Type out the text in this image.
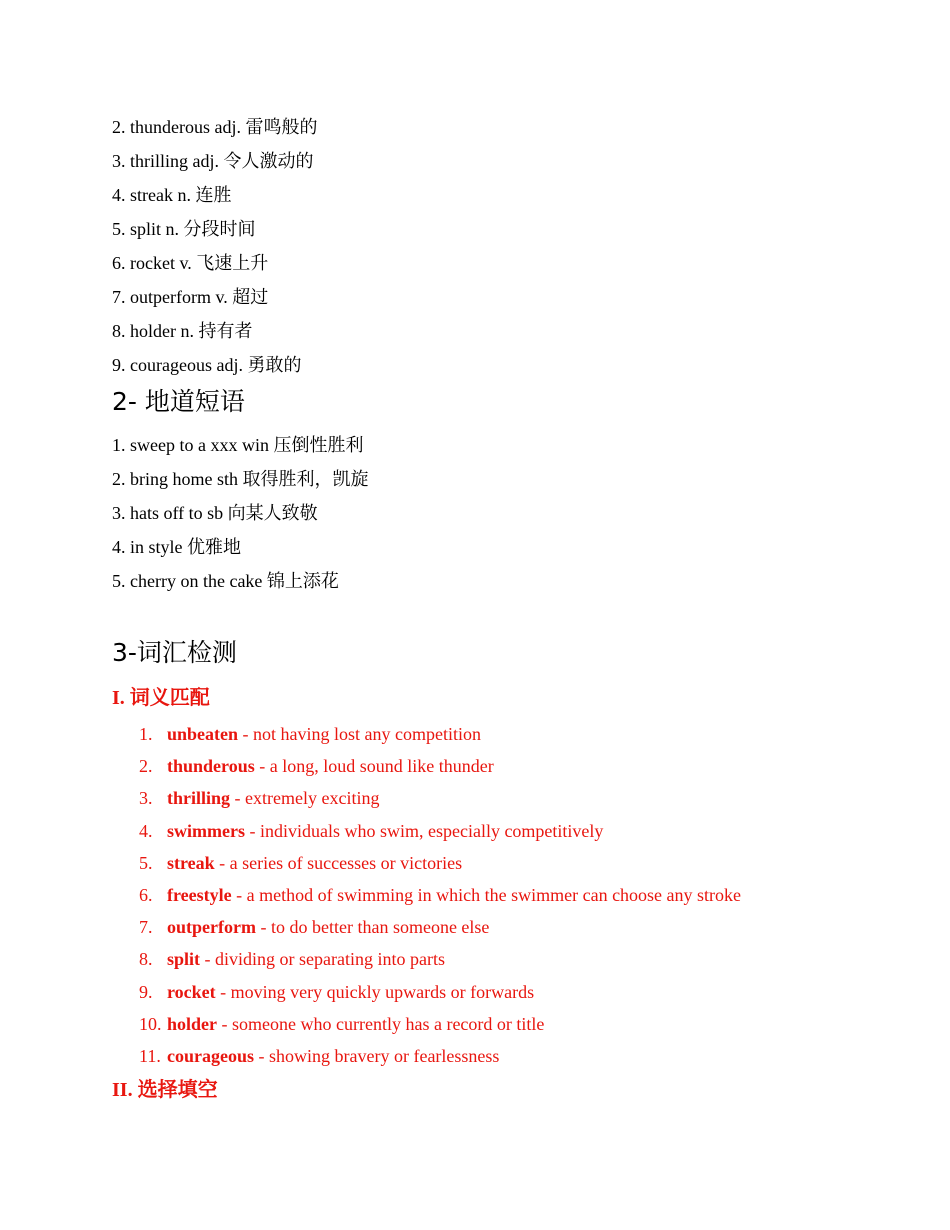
2. thunderous adj. 雷鸣般的
3. thrilling adj. 令人激动的
4. streak n. 连胜
5. split n. 分段时间
6. rocket v. 飞速上升
7. outperform v. 超过
8. holder n. 持有者
9. courageous adj. 勇敢的
2- 地道短语
1. sweep to a xxx win 压倒性胜利
2. bring home sth 取得胜利，凯旋
3. hats off to sb 向某人致敬
4. in style 优雅地
5. cherry on the cake 锦上添花
3-词汇检测
I. 词义匹配
1. unbeaten - not having lost any competition
2. thunderous - a long, loud sound like thunder
3. thrilling - extremely exciting
4. swimmers - individuals who swim, especially competitively
5. streak - a series of successes or victories
6. freestyle - a method of swimming in which the swimmer can choose any stroke
7. outperform - to do better than someone else
8. split - dividing or separating into parts
9. rocket - moving very quickly upwards or forwards
10. holder - someone who currently has a record or title
11. courageous - showing bravery or fearlessness
II. 选择填空
